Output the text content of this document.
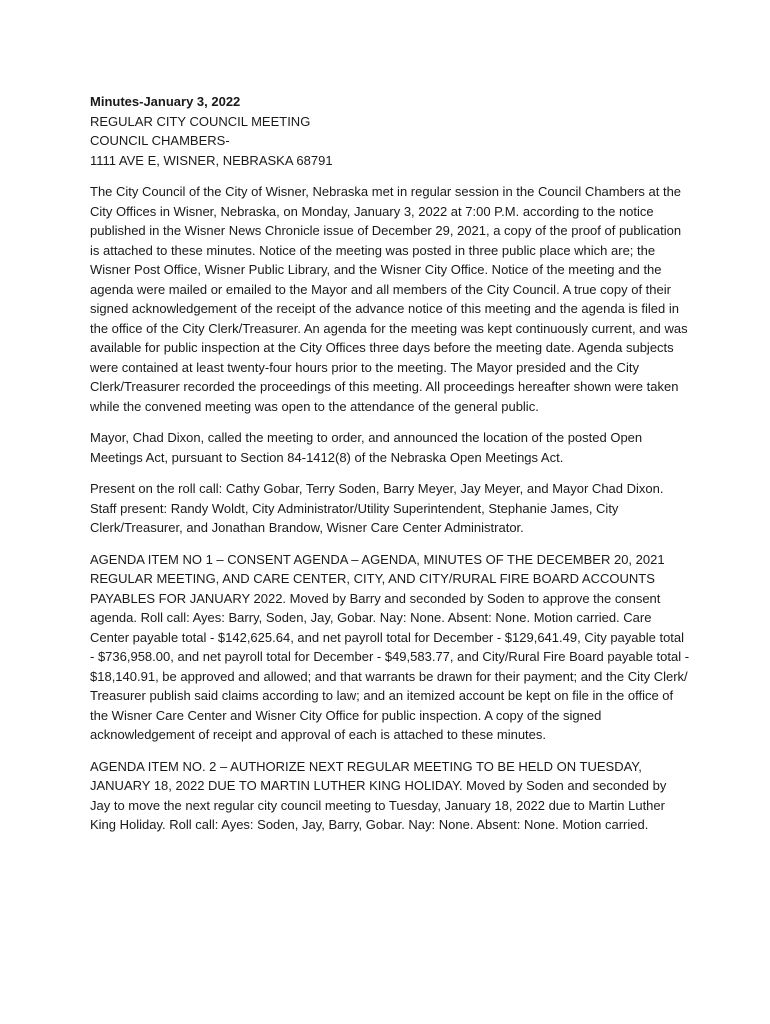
Minutes-January 3, 2022
REGULAR CITY COUNCIL MEETING
COUNCIL CHAMBERS-
1111 AVE E, WISNER, NEBRASKA 68791

The City Council of the City of Wisner, Nebraska met in regular session in the Council Chambers at the City Offices in Wisner, Nebraska, on Monday, January 3, 2022 at 7:00 P.M. according to the notice published in the Wisner News Chronicle issue of December 29, 2021, a copy of the proof of publication is attached to these minutes. Notice of the meeting was posted in three public place which are; the Wisner Post Office, Wisner Public Library, and the Wisner City Office. Notice of the meeting and the agenda were mailed or emailed to the Mayor and all members of the City Council. A true copy of their signed acknowledgement of the receipt of the advance notice of this meeting and the agenda is filed in the office of the City Clerk/Treasurer. An agenda for the meeting was kept continuously current, and was available for public inspection at the City Offices three days before the meeting date. Agenda subjects were contained at least twenty-four hours prior to the meeting. The Mayor presided and the City Clerk/Treasurer recorded the proceedings of this meeting. All proceedings hereafter shown were taken while the convened meeting was open to the attendance of the general public.

Mayor, Chad Dixon, called the meeting to order, and announced the location of the posted Open Meetings Act, pursuant to Section 84-1412(8) of the Nebraska Open Meetings Act.

Present on the roll call: Cathy Gobar, Terry Soden, Barry Meyer, Jay Meyer, and Mayor Chad Dixon. Staff present: Randy Woldt, City Administrator/Utility Superintendent, Stephanie James, City Clerk/Treasurer, and Jonathan Brandow, Wisner Care Center Administrator.

AGENDA ITEM NO 1 – CONSENT AGENDA – AGENDA, MINUTES OF THE DECEMBER 20, 2021 REGULAR MEETING, AND CARE CENTER, CITY, AND CITY/RURAL FIRE BOARD ACCOUNTS PAYABLES FOR JANUARY 2022. Moved by Barry and seconded by Soden to approve the consent agenda. Roll call: Ayes: Barry, Soden, Jay, Gobar. Nay: None. Absent: None. Motion carried. Care Center payable total - $142,625.64, and net payroll total for December - $129,641.49, City payable total - $736,958.00, and net payroll total for December - $49,583.77, and City/Rural Fire Board payable total - $18,140.91, be approved and allowed; and that warrants be drawn for their payment; and the City Clerk/ Treasurer publish said claims according to law; and an itemized account be kept on file in the office of the Wisner Care Center and Wisner City Office for public inspection. A copy of the signed acknowledgement of receipt and approval of each is attached to these minutes.

AGENDA ITEM NO. 2 – AUTHORIZE NEXT REGULAR MEETING TO BE HELD ON TUESDAY, JANUARY 18, 2022 DUE TO MARTIN LUTHER KING HOLIDAY. Moved by Soden and seconded by Jay to move the next regular city council meeting to Tuesday, January 18, 2022 due to Martin Luther King Holiday. Roll call: Ayes: Soden, Jay, Barry, Gobar. Nay: None. Absent: None. Motion carried.
